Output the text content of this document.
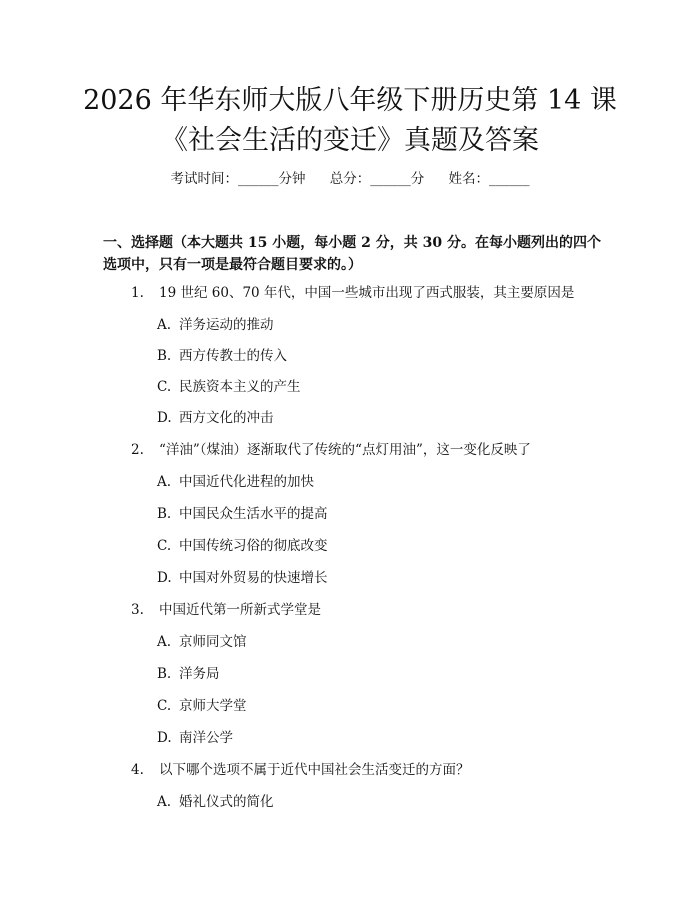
2026 年华东师大版八年级下册历史第 14 课
《社会生活的变迁》真题及答案
考试时间：______分钟 总分：______分 姓名：______
一、选择题（本大题共 15 小题，每小题 2 分，共 30 分。在每小题列出的四个选项中，只有一项是最符合题目要求的。）
1. 19 世纪 60、70 年代，中国一些城市出现了西式服装，其主要原因是
A. 洋务运动的推动
B. 西方传教士的传入
C. 民族资本主义的产生
D. 西方文化的冲击
2. “洋油”（煤油）逐渐取代了传统的“点灯用油”，这一变化反映了
A. 中国近代化进程的加快
B. 中国民众生活水平的提高
C. 中国传统习俗的彻底改变
D. 中国对外贸易的快速增长
3. 中国近代第一所新式学堂是
A. 京师同文馆
B. 洋务局
C. 京师大学堂
D. 南洋公学
4. 以下哪个选项不属于近代中国社会生活变迁的方面？
A. 婚礼仪式的简化
